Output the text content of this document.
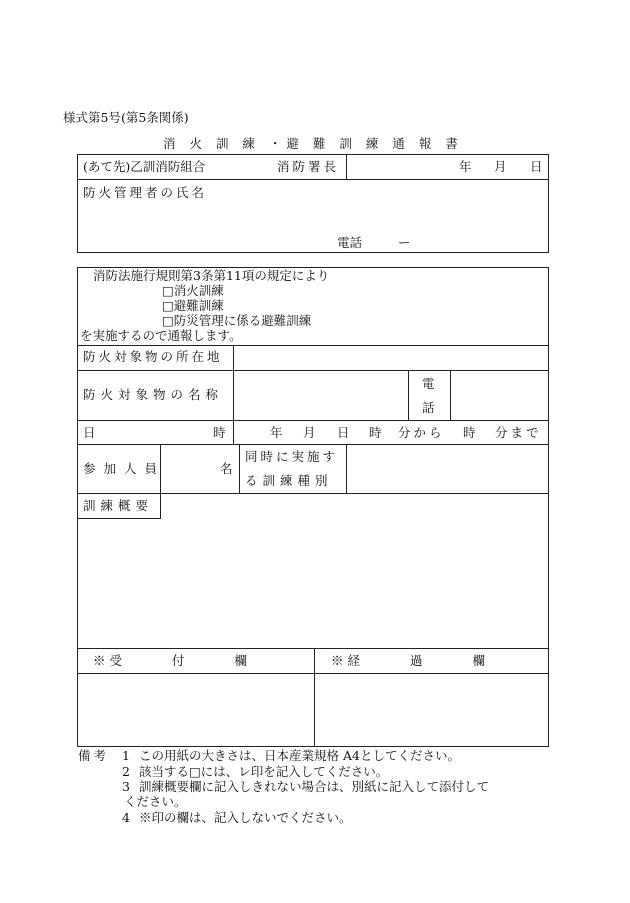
様式第5号(第5条関係)
消 火 訓 練 ・避 難 訓 練 通 報 書
(あて先)乙訓消防組合	消防署長	年 月 日
防火管理者の氏名
電話	ー
消防法施行規則第3条第11項の規定により
□消火訓練
□避難訓練
□防災管理に係る避難訓練
を実施するので通報します。
防火対象物の所在地
防火対象物の名称
電
話
日	時	年 月 日 時 分から 時 分まで
参加人員	名
同時に実施す
る訓練種別
訓練概要
※ 受　　　　付　　　　欄	※ 経　　　　過　　　　欄
備考 1 この用紙の大きさは、日本産業規格 A4としてください。
2 該当する□には、レ印を記入してください。
3 訓練概要欄に記入しきれない場合は、別紙に記入して添付して
ください。
4 ※印の欄は、記入しないでください。
